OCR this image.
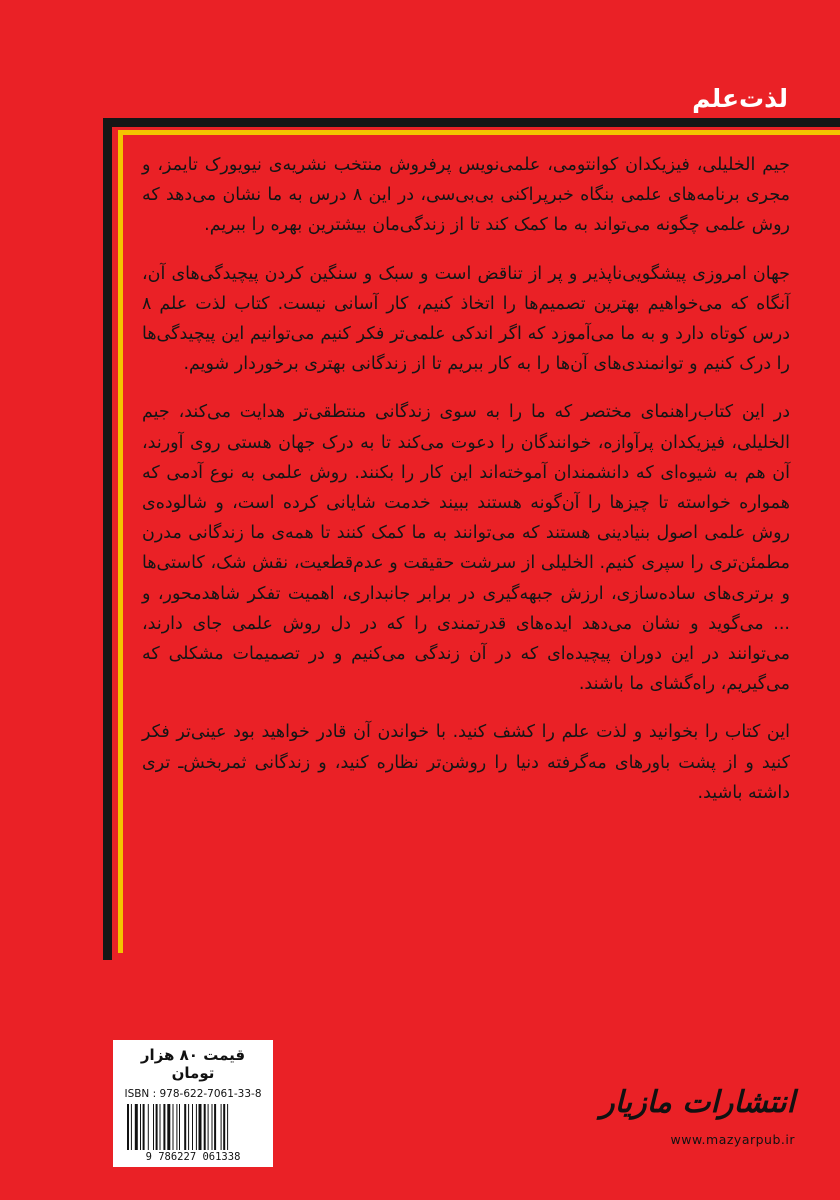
لذت‌علم

جیم الخلیلی، فیزیکدان کوانتومی، علمی‌نویس پرفروش منتخب نشریه‌ی نیویورک تایمز، و مجری برنامه‌های علمی بنگاه خبرپراکنی بی‌بی‌سی، در این ۸ درس به ما نشان می‌دهد که روش علمی چگونه می‌تواند به ما کمک کند تا از زندگی‌مان بیشترین بهره را ببریم.

جهان امروزی پیشگویی‌ناپذیر و پر از تناقض است و سبک و سنگین کردن پیچیدگی‌های آن، آنگاه که می‌خواهیم بهترین تصمیم‌ها را اتخاذ کنیم، کار آسانی نیست. کتاب لذت علم ۸ درس کوتاه دارد و به ما می‌آموزد که اگر اندکی علمی‌تر فکر کنیم می‌توانیم این پیچیدگی‌ها را درک کنیم و توانمندی‌های آن‌ها را به کار ببریم تا از زندگانی بهتری برخوردار شویم.

در این کتاب‌راهنمای مختصر که ما را به سوی زندگانی منتطقی‌تر هدایت می‌کند، جیم الخلیلی، فیزیکدان پرآوازه، خوانندگان را دعوت می‌کند تا به درک جهان هستی روی آورند، آن هم به شیوه‌ای که دانشمندان آموخته‌اند این کار را بکنند. روش علمی به نوع آدمی که همواره خواسته تا چیزها را آن‌گونه هستند ببیند خدمت شایانی کرده است، و شالوده‌ی روش علمی اصول بنیادینی هستند که می‌توانند به ما کمک کنند تا همه‌ی ما زندگانی مدرن مطمئن‌تری را سپری کنیم. الخلیلی از سرشت حقیقت و عدم‌قطعیت، نقش شک، کاستی‌ها و برتری‌های ساده‌سازی، ارزش جبهه‌گیری در برابر جانبداری، اهمیت تفکر شاهدمحور، و ... می‌گوید و نشان می‌دهد ایده‌های قدرتمندی را که در دل روش علمی جای دارند، می‌توانند در این دوران پیچیده‌ای که در آن زندگی می‌کنیم و در تصمیمات مشکلی که می‌گیریم، راه‌گشای ما باشند.

این کتاب را بخوانید و لذت علم را کشف کنید. با خواندن آن قادر خواهید بود عینی‌تر فکر کنید و از پشت باورهای مه‌گرفته دنیا را روشن‌تر نظاره کنید، و زندگانی ثمربخش‌ـ تری داشته باشید.

قیمت ۸۰ هزار تومان
ISBN : 978-622-7061-33-8
9 786227 061338
انتشارات مازیار
www.mazyarpub.ir
